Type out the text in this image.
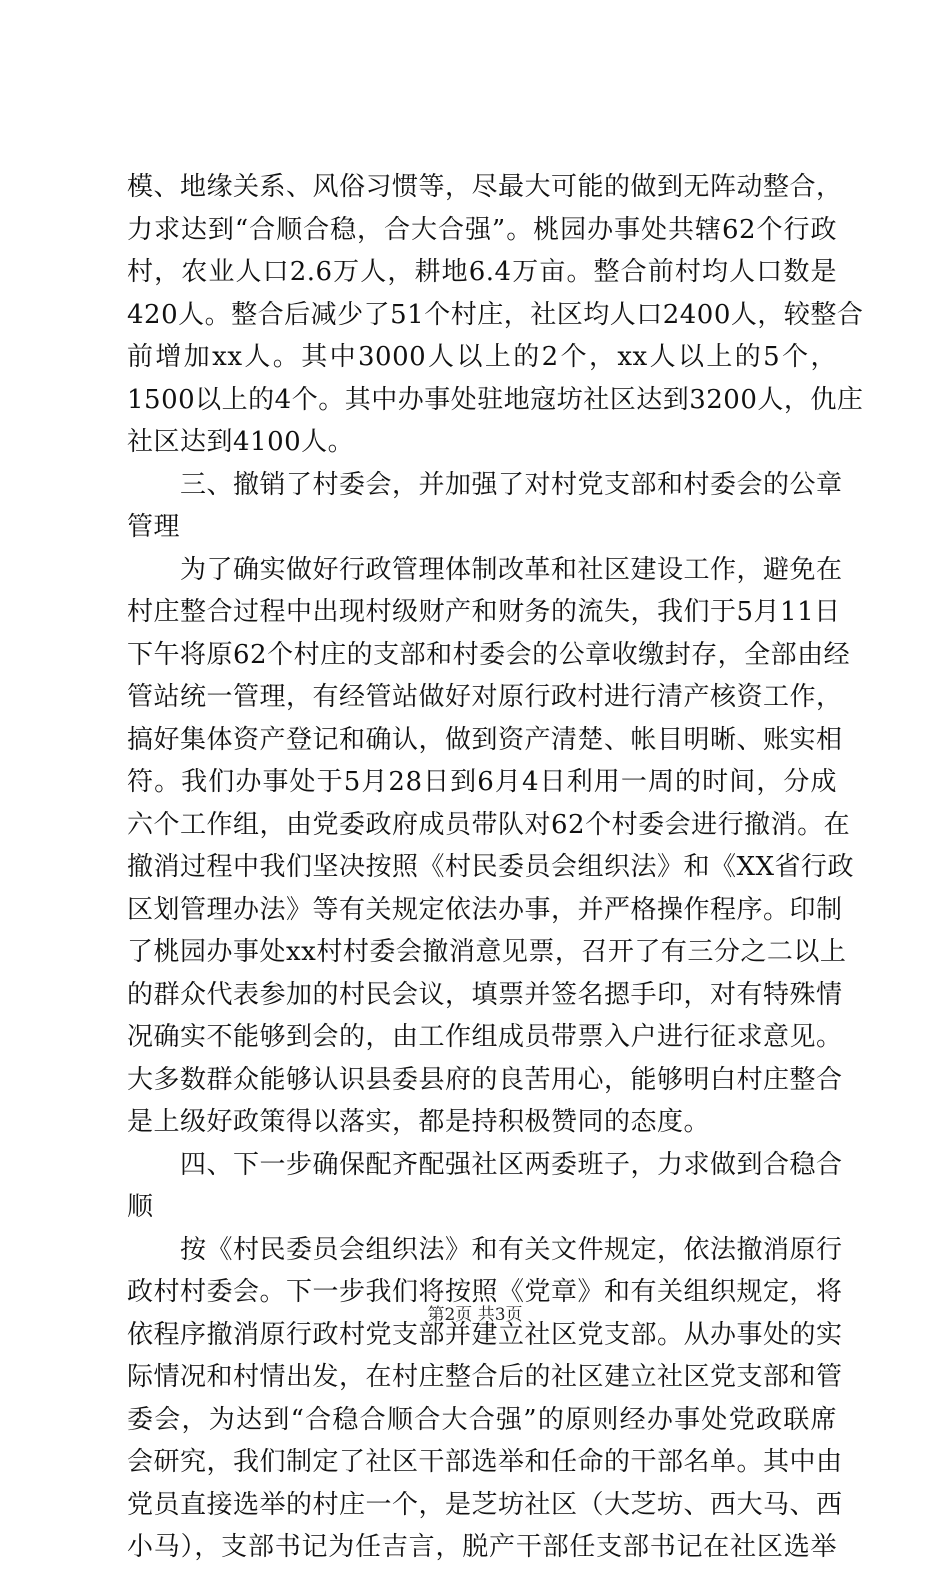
模、地缘关系、风俗习惯等，尽最大可能的做到无阵动整合，
力求达到“合顺合稳，合大合强”。桃园办事处共辖62个行政
村，农业人口2.6万人，耕地6.4万亩。整合前村均人口数是
420人。整合后减少了51个村庄，社区均人口2400人，较整合
前增加xx人。其中3000人以上的2个，xx人以上的5个，
1500以上的4个。其中办事处驻地寇坊社区达到3200人，仇庄
社区达到4100人。
　　三、撤销了村委会，并加强了对村党支部和村委会的公章
管理
　　为了确实做好行政管理体制改革和社区建设工作，避免在
村庄整合过程中出现村级财产和财务的流失，我们于5月11日
下午将原62个村庄的支部和村委会的公章收缴封存，全部由经
管站统一管理，有经管站做好对原行政村进行清产核资工作，
搞好集体资产登记和确认，做到资产清楚、帐目明晰、账实相
符。我们办事处于5月28日到6月4日利用一周的时间，分成
六个工作组，由党委政府成员带队对62个村委会进行撤消。在
撤消过程中我们坚决按照《村民委员会组织法》和《XX省行政
区划管理办法》等有关规定依法办事，并严格操作程序。印制
了桃园办事处xx村村委会撤消意见票，召开了有三分之二以上
的群众代表参加的村民会议，填票并签名摁手印，对有特殊情
况确实不能够到会的，由工作组成员带票入户进行征求意见。
大多数群众能够认识县委县府的良苦用心，能够明白村庄整合
是上级好政策得以落实，都是持积极赞同的态度。
　　四、下一步确保配齐配强社区两委班子，力求做到合稳合
顺
　　按《村民委员会组织法》和有关文件规定，依法撤消原行
政村村委会。下一步我们将按照《党章》和有关组织规定，将
依程序撤消原行政村党支部并建立社区党支部。从办事处的实
际情况和村情出发，在村庄整合后的社区建立社区党支部和管
委会，为达到“合稳合顺合大合强”的原则经办事处党政联席
会研究，我们制定了社区干部选举和任命的干部名单。其中由
党员直接选举的村庄一个，是芝坊社区（大芝坊、西大马、西
小马），支部书记为任吉言，脱产干部任支部书记在社区选举
第2页 共3页
